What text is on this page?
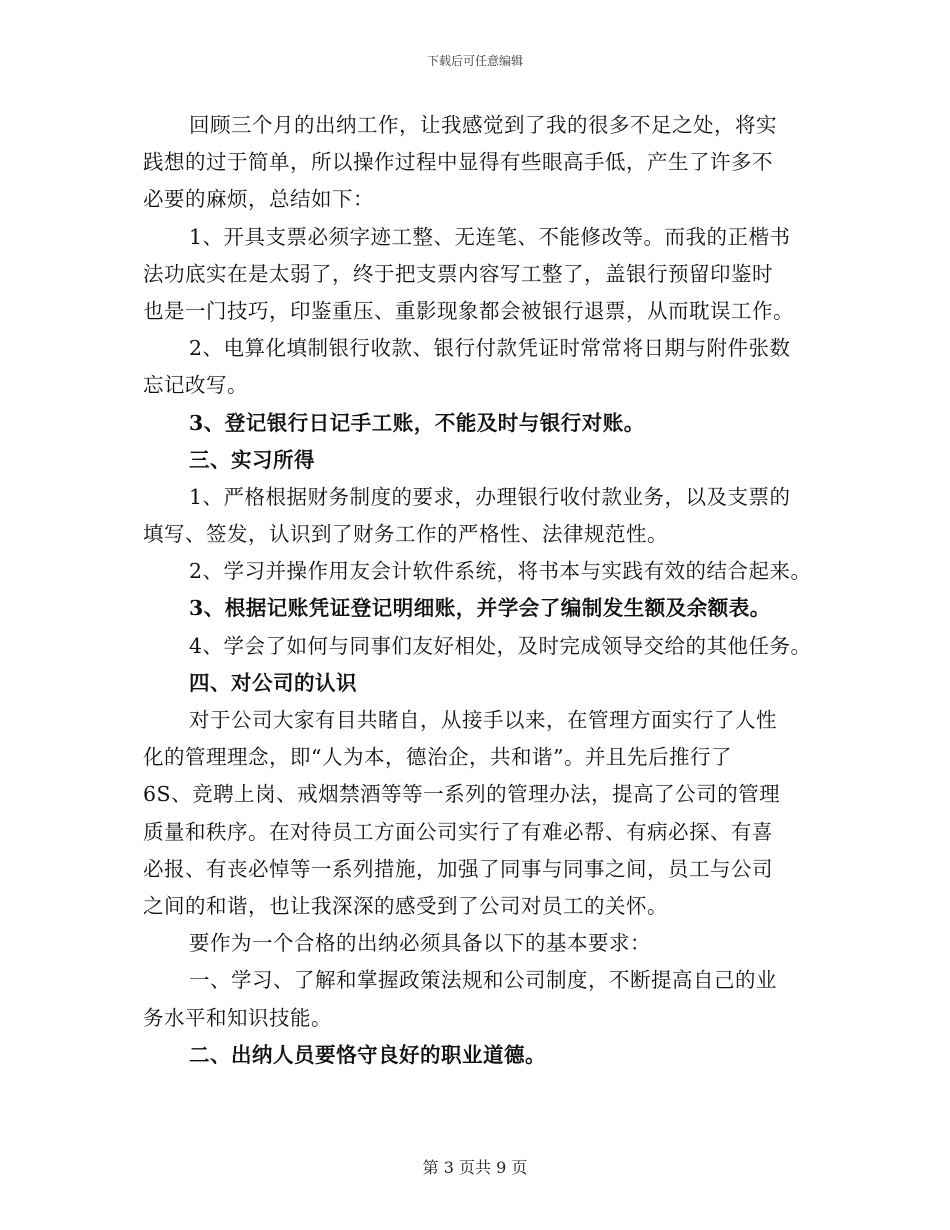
下载后可任意编辑
回顾三个月的出纳工作，让我感觉到了我的很多不足之处，将实
践想的过于简单，所以操作过程中显得有些眼高手低，产生了许多不
必要的麻烦，总结如下：
1、开具支票必须字迹工整、无连笔、不能修改等。而我的正楷书
法功底实在是太弱了，终于把支票内容写工整了，盖银行预留印鉴时
也是一门技巧，印鉴重压、重影现象都会被银行退票，从而耽误工作。
2、电算化填制银行收款、银行付款凭证时常常将日期与附件张数
忘记改写。
3、登记银行日记手工账，不能及时与银行对账。
三、实习所得
1、严格根据财务制度的要求，办理银行收付款业务，以及支票的
填写、签发，认识到了财务工作的严格性、法律规范性。
2、学习并操作用友会计软件系统，将书本与实践有效的结合起来。
3、根据记账凭证登记明细账，并学会了编制发生额及余额表。
4、学会了如何与同事们友好相处，及时完成领导交给的其他任务。
四、对公司的认识
对于公司大家有目共睹自，从接手以来，在管理方面实行了人性
化的管理理念，即“人为本，德治企，共和谐”。并且先后推行了
6S、竞聘上岗、戒烟禁酒等等一系列的管理办法，提高了公司的管理
质量和秩序。在对待员工方面公司实行了有难必帮、有病必探、有喜
必报、有丧必悼等一系列措施，加强了同事与同事之间，员工与公司
之间的和谐，也让我深深的感受到了公司对员工的关怀。
要作为一个合格的出纳必须具备以下的基本要求：
一、学习、了解和掌握政策法规和公司制度，不断提高自己的业
务水平和知识技能。
二、出纳人员要恪守良好的职业道德。
第 3 页共 9 页
